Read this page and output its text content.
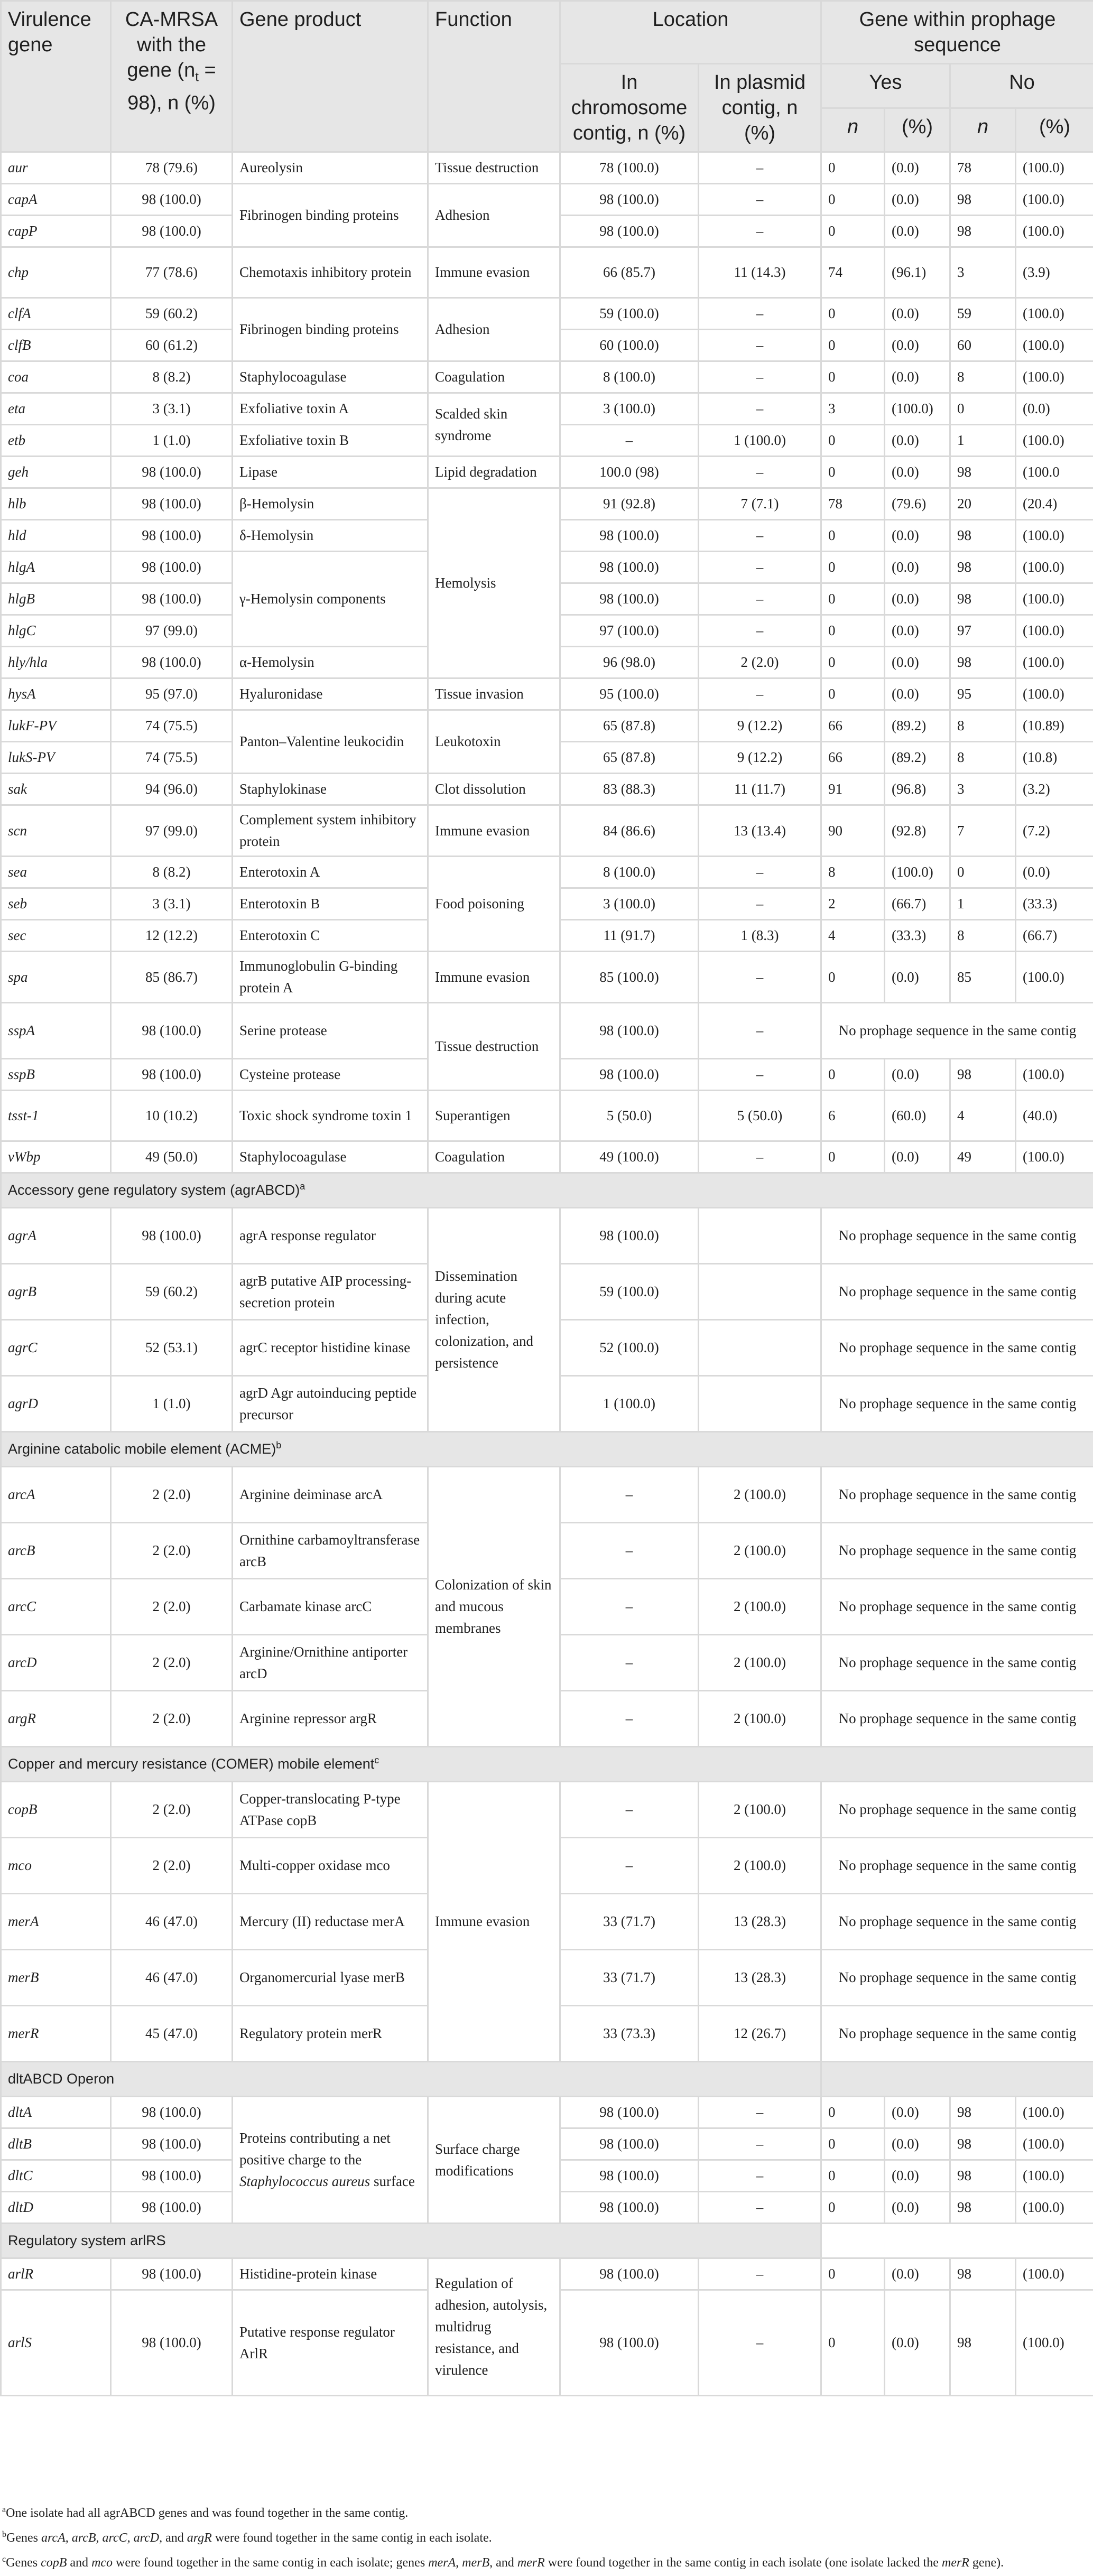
Virulence gene	CA-MRSA with the gene $(n_t = 98)$, n (%)	Gene product	Function	Location		Gene within prophage sequence			
				In chromosome contig, n (%)	In plasmid contig, n (%)	Yes		No	
						n	(%)	n	(%)
aur	78 (79.6)	Aureolysin	Tissue destruction	78 (100.0)	–	0	(0.0)	78	(100.0)
capA	98 (100.0)	Fibrinogen binding proteins	Adhesion	98 (100.0)	–	0	(0.0)	98	(100.0)
capP	98 (100.0)			98 (100.0)	–	0	(0.0)	98	(100.0)
chp	77 (78.6)	Chemotaxis inhibitory protein	Immune evasion	66 (85.7)	11 (14.3)	74	(96.1)	3	(3.9)
clfA	59 (60.2)	Fibrinogen binding proteins	Adhesion	59 (100.0)	–	0	(0.0)	59	(100.0)
clfB	60 (61.2)			60 (100.0)	–	0	(0.0)	60	(100.0)
coa	8 (8.2)	Staphylocoagulase	Coagulation	8 (100.0)	–	0	(0.0)	8	(100.0)
eta	3 (3.1)	Exfoliative toxin A	Scalded skin syndrome	3 (100.0)	–	3	(100.0)	0	(0.0)
etb	1 (1.0)	Exfoliative toxin B		–	1 (100.0)	0	(0.0)	1	(100.0)
geh	98 (100.0)	Lipase	Lipid degradation	100.0 (98)	–	0	(0.0)	98	(100.0
hlb	98 (100.0)	β-Hemolysin	Hemolysis	91 (92.8)	7 (7.1)	78	(79.6)	20	(20.4)
hld	98 (100.0)	δ-Hemolysin		98 (100.0)	–	0	(0.0)	98	(100.0)
hlgA	98 (100.0)	γ-Hemolysin components		98 (100.0)	–	0	(0.0)	98	(100.0)
hlgB	98 (100.0)			98 (100.0)	–	0	(0.0)	98	(100.0)
hlgC	97 (99.0)			97 (100.0)	–	0	(0.0)	97	(100.0)
hly/hla	98 (100.0)	α-Hemolysin		96 (98.0)	2 (2.0)	0	(0.0)	98	(100.0)
hysA	95 (97.0)	Hyaluronidase	Tissue invasion	95 (100.0)	–	0	(0.0)	95	(100.0)
lukF-PV	74 (75.5)	Panton–Valentine leukocidin	Leukotoxin	65 (87.8)	9 (12.2)	66	(89.2)	8	(10.89)
lukS-PV	74 (75.5)			65 (87.8)	9 (12.2)	66	(89.2)	8	(10.8)
sak	94 (96.0)	Staphylokinase	Clot dissolution	83 (88.3)	11 (11.7)	91	(96.8)	3	(3.2)
scn	97 (99.0)	Complement system inhibitory protein	Immune evasion	84 (86.6)	13 (13.4)	90	(92.8)	7	(7.2)
sea	8 (8.2)	Enterotoxin A	Food poisoning	8 (100.0)	–	8	(100.0)	0	(0.0)
seb	3 (3.1)	Enterotoxin B		3 (100.0)	–	2	(66.7)	1	(33.3)
sec	12 (12.2)	Enterotoxin C		11 (91.7)	1 (8.3)	4	(33.3)	8	(66.7)
spa	85 (86.7)	Immunoglobulin G-binding protein A	Immune evasion	85 (100.0)	–	0	(0.0)	85	(100.0)
sspA	98 (100.0)	Serine protease	Tissue destruction	98 (100.0)	–	No prophage sequence in the same contig			
sspB	98 (100.0)	Cysteine protease		98 (100.0)	–	0	(0.0)	98	(100.0)
tsst-1	10 (10.2)	Toxic shock syndrome toxin 1	Superantigen	5 (50.0)	5 (50.0)	6	(60.0)	4	(40.0)
vWbp	49 (50.0)	Staphylocoagulase	Coagulation	49 (100.0)	–	0	(0.0)	49	(100.0)
Accessory gene regulatory system (agrABCD)$^a$
agrA	98 (100.0)	agrA response regulator	Dissemination during acute infection, colonization, and persistence	98 (100.0)		No prophage sequence in the same contig			
agrB	59 (60.2)	agrB putative AIP processing-secretion protein		59 (100.0)		No prophage sequence in the same contig			
agrC	52 (53.1)	agrC receptor histidine kinase		52 (100.0)		No prophage sequence in the same contig			
agrD	1 (1.0)	agrD Agr autoinducing peptide precursor		1 (100.0)		No prophage sequence in the same contig			
Arginine catabolic mobile element (ACME)$^b$
arcA	2 (2.0)	Arginine deiminase arcA	Colonization of skin and mucous membranes	–	2 (100.0)	No prophage sequence in the same contig			
arcB	2 (2.0)	Ornithine carbamoyltransferase arcB		–	2 (100.0)	No prophage sequence in the same contig			
arcC	2 (2.0)	Carbamate kinase arcC		–	2 (100.0)	No prophage sequence in the same contig			
arcD	2 (2.0)	Arginine/Ornithine antiporter arcD		–	2 (100.0)	No prophage sequence in the same contig			
argR	2 (2.0)	Arginine repressor argR		–	2 (100.0)	No prophage sequence in the same contig			
Copper and mercury resistance (COMER) mobile element$^c$
copB	2 (2.0)	Copper-translocating P-type ATPase copB	Immune evasion	–	2 (100.0)	No prophage sequence in the same contig			
mco	2 (2.0)	Multi-copper oxidase mco		–	2 (100.0)	No prophage sequence in the same contig			
merA	46 (47.0)	Mercury (II) reductase merA		33 (71.7)	13 (28.3)	No prophage sequence in the same contig			
merB	46 (47.0)	Organomercurial lyase merB		33 (71.7)	13 (28.3)	No prophage sequence in the same contig			
merR	45 (47.0)	Regulatory protein merR		33 (73.3)	12 (26.7)	No prophage sequence in the same contig			
dltABCD Operon									
dltA	98 (100.0)	Proteins contributing a net positive charge to the Staphylococcus aureus surface	Surface charge modifications	98 (100.0)	–	0	(0.0)	98	(100.0)
dltB	98 (100.0)			98 (100.0)	–	0	(0.0)	98	(100.0)
dltC	98 (100.0)			98 (100.0)	–	0	(0.0)	98	(100.0)
dltD	98 (100.0)			98 (100.0)	–	0	(0.0)	98	(100.0)
Regulatory system arlRS									
arlR	98 (100.0)	Histidine-protein kinase	Regulation of adhesion, autolysis, multidrug resistance, and virulence	98 (100.0)	–	0	(0.0)	98	(100.0)
arlS	98 (100.0)	Putative response regulator ArlR		98 (100.0)	–	0	(0.0)	98	(100.0)

$^a$One isolate had all agrABCD genes and was found together in the same contig.

$^b$Genes arcA, arcB, arcC, arcD, and argR were found together in the same contig in each isolate.

$^c$Genes copB and mco were found together in the same contig in each isolate; genes merA, merB, and merR were found together in the same contig in each isolate (one isolate lacked the merR gene).
